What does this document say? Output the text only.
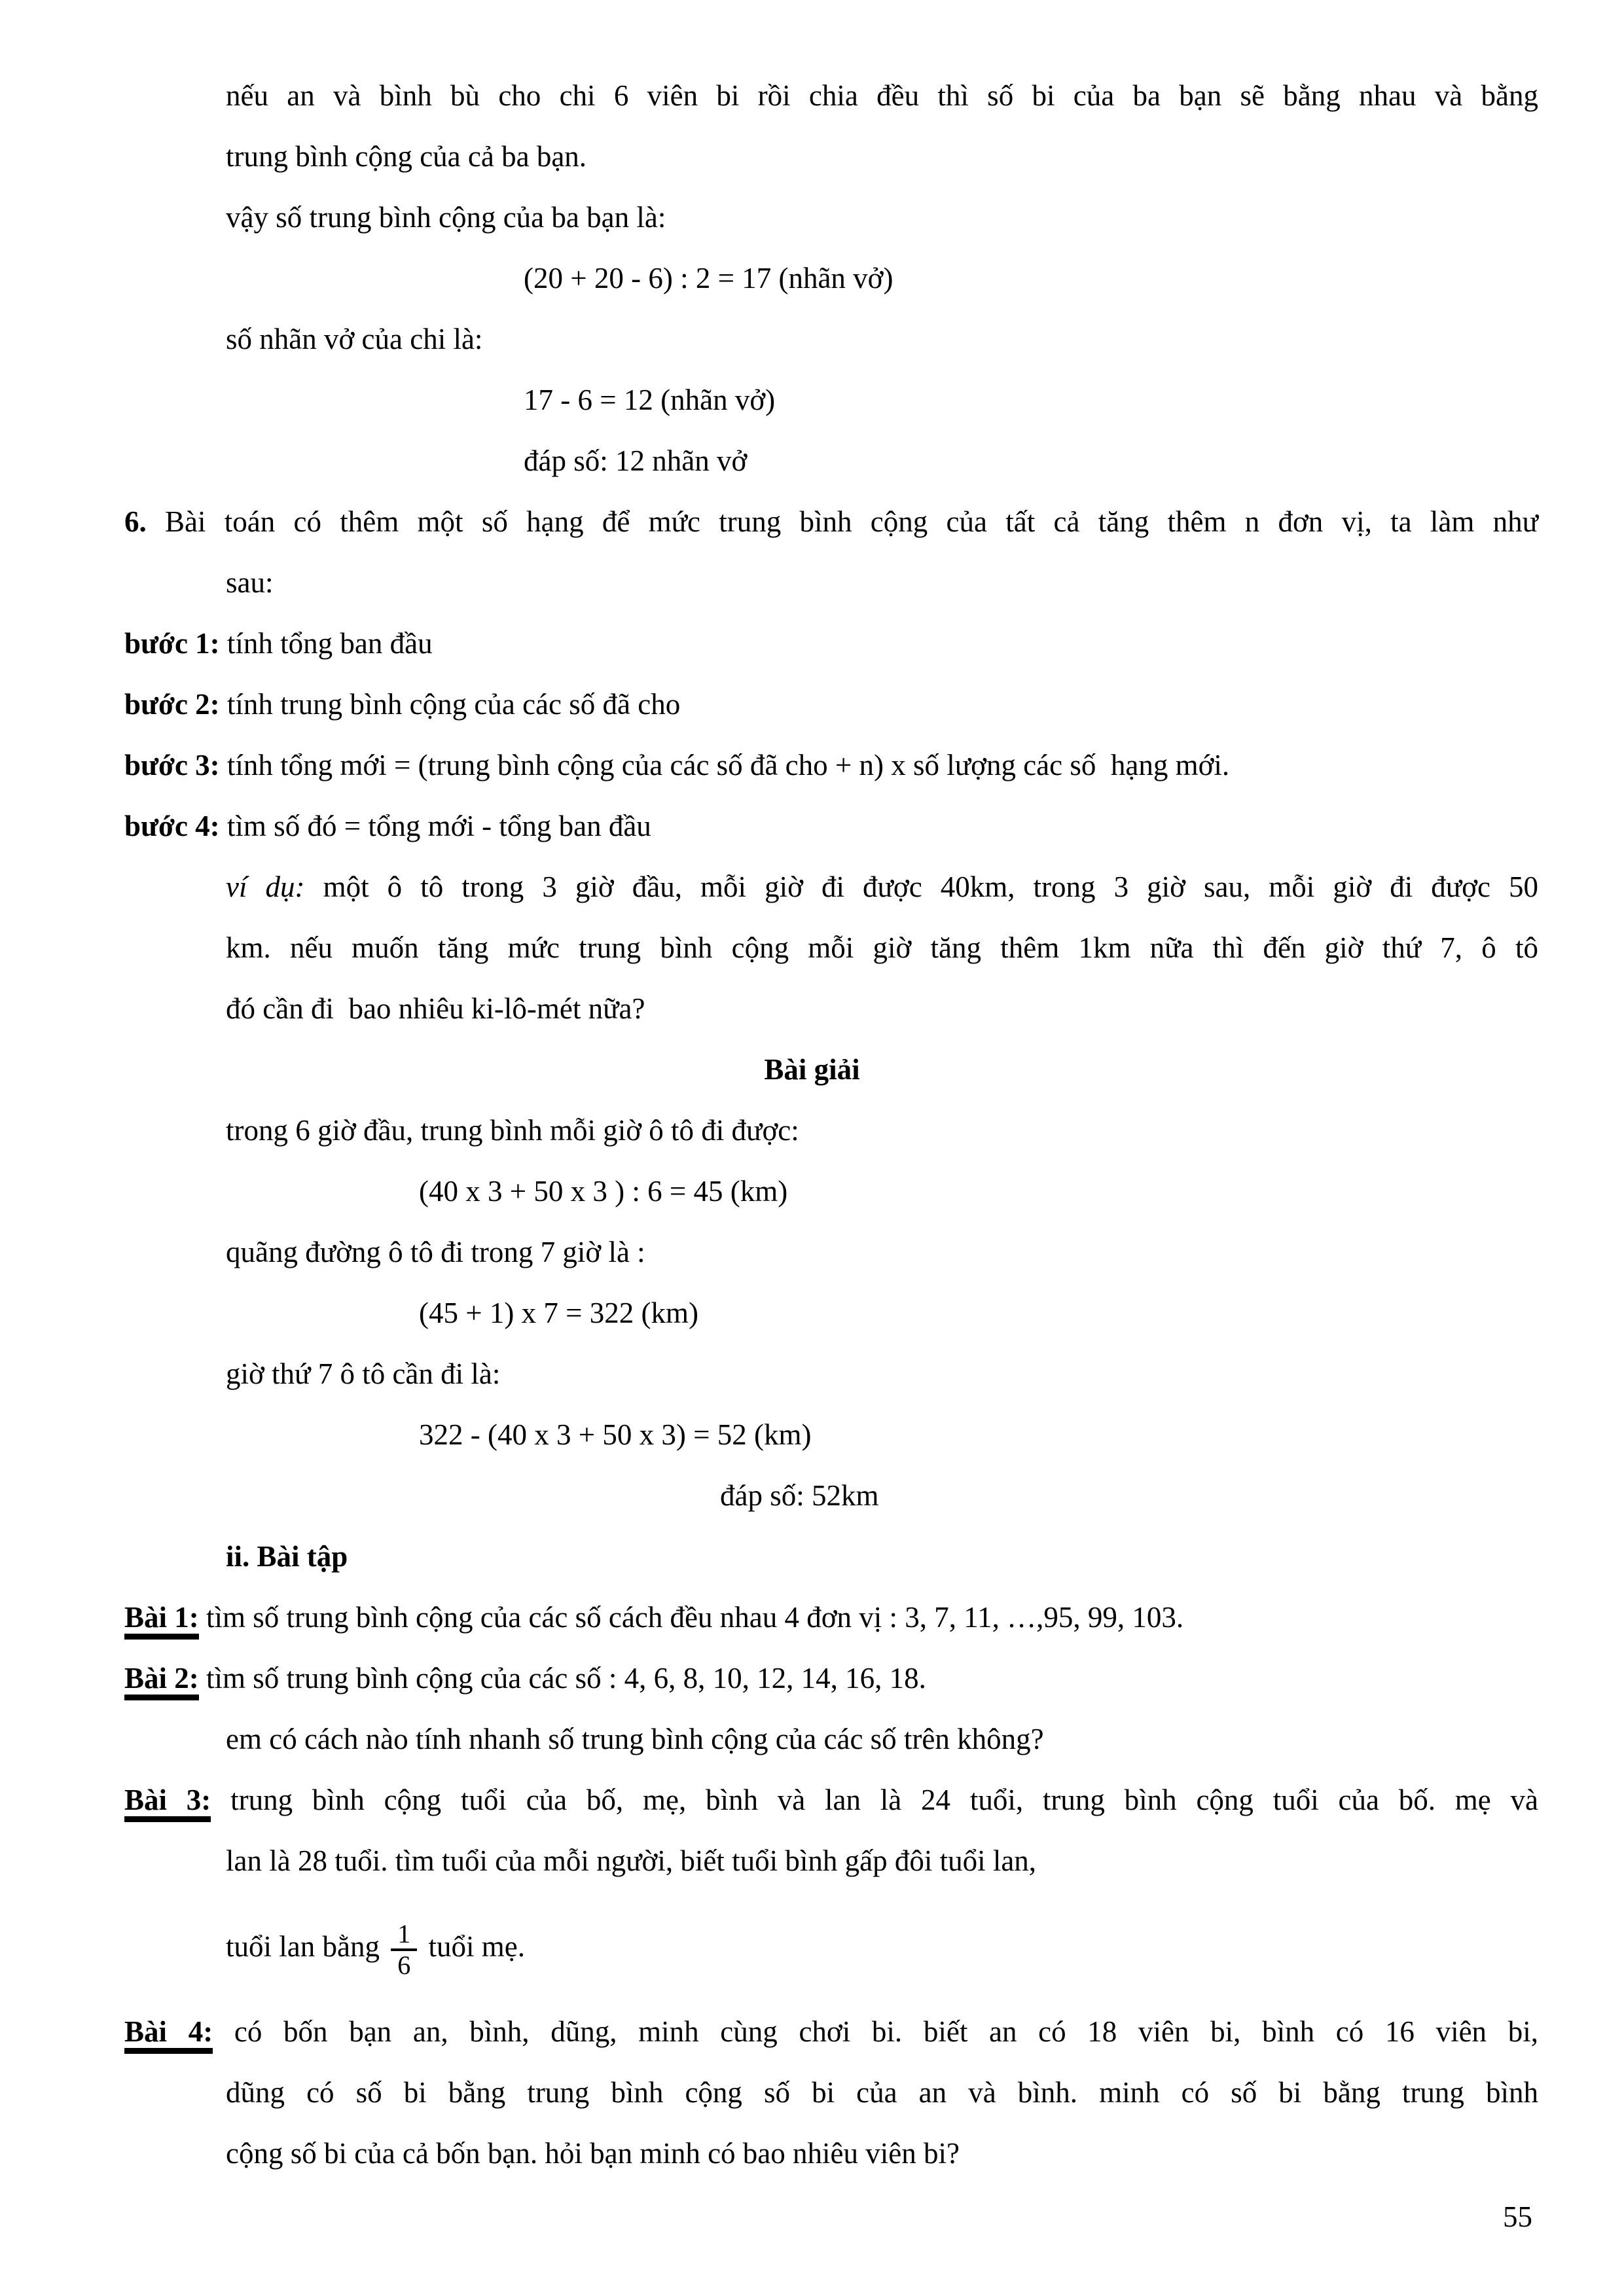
nếu an và bình bù cho chi 6 viên bi rồi chia đều thì số bi của ba bạn sẽ bằng nhau và bằng
trung bình cộng của cả ba bạn.
vậy số trung bình cộng của ba bạn là:
(20 + 20 - 6) : 2 = 17 (nhãn vở)
số nhãn vở của chi là:
17 - 6 = 12 (nhãn vở)
đáp số: 12 nhãn vở
6. Bài toán có thêm một số hạng để mức trung bình cộng của tất cả tăng thêm n đơn vị, ta làm như
sau:
bước 1: tính tổng ban đầu
bước 2: tính trung bình cộng của các số đã cho
bước 3: tính tổng mới = (trung bình cộng của các số đã cho + n) x số lượng các số  hạng mới.
bước 4: tìm số đó = tổng mới - tổng ban đầu
ví dụ: một ô tô trong 3 giờ đầu, mỗi giờ đi được 40km, trong 3 giờ sau, mỗi giờ đi được 50
km. nếu muốn tăng mức trung bình cộng mỗi giờ tăng thêm 1km nữa thì đến giờ thứ 7, ô tô
đó cần đi  bao nhiêu ki-lô-mét nữa?
Bài giải
trong 6 giờ đầu, trung bình mỗi giờ ô tô đi được:
(40 x 3 + 50 x 3 ) : 6 = 45 (km)
quãng đường ô tô đi trong 7 giờ là :
(45 + 1) x 7 = 322 (km)
giờ thứ 7 ô tô cần đi là:
322 - (40 x 3 + 50 x 3) = 52 (km)
đáp số: 52km
ii. Bài tập
Bài 1: tìm số trung bình cộng của các số cách đều nhau 4 đơn vị : 3, 7, 11, …,95, 99, 103.
Bài 2: tìm số trung bình cộng của các số : 4, 6, 8, 10, 12, 14, 16, 18.
em có cách nào tính nhanh số trung bình cộng của các số trên không?
Bài 3: trung bình cộng tuổi của bố, mẹ, bình và lan là 24 tuổi, trung bình cộng tuổi của bố. mẹ và
lan là 28 tuổi. tìm tuổi của mỗi người, biết tuổi bình gấp đôi tuổi lan,
tuổi lan bằng $\frac{1}{6}$ tuổi mẹ.
Bài 4: có bốn bạn an, bình, dũng, minh cùng chơi bi. biết an có 18 viên bi, bình có 16 viên bi,
dũng có số bi bằng trung bình cộng số bi của an và bình. minh có số bi bằng trung bình
cộng số bi của cả bốn bạn. hỏi bạn minh có bao nhiêu viên bi?
55
